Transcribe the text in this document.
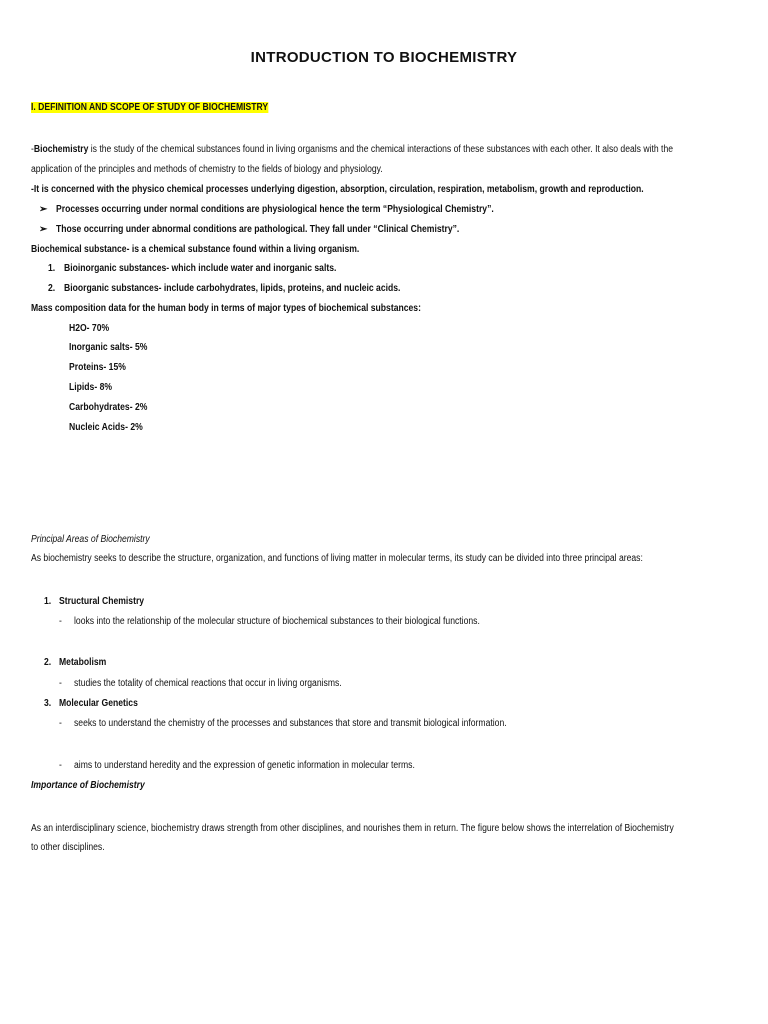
INTRODUCTION TO BIOCHEMISTRY
I. DEFINITION AND SCOPE OF STUDY OF BIOCHEMISTRY
-Biochemistry is the study of the chemical substances found in living organisms and the chemical interactions of these substances with each other. It also deals with the
application of the principles and methods of chemistry to the fields of biology and physiology.
-It is concerned with the physico chemical processes underlying digestion, absorption, circulation, respiration, metabolism, growth and reproduction.
➢ Processes occurring under normal conditions are physiological hence the term “Physiological Chemistry”.
➢ Those occurring under abnormal conditions are pathological. They fall under “Clinical Chemistry”.
Biochemical substance- is a chemical substance found within a living organism.
1. Bioinorganic substances- which include water and inorganic salts.
2. Bioorganic substances- include carbohydrates, lipids, proteins, and nucleic acids.
Mass composition data for the human body in terms of major types of biochemical substances:
H2O- 70%
Inorganic salts- 5%
Proteins- 15%
Lipids- 8%
Carbohydrates- 2%
Nucleic Acids- 2%
Principal Areas of Biochemistry
As biochemistry seeks to describe the structure, organization, and functions of living matter in molecular terms, its study can be divided into three principal areas:
1. Structural Chemistry
- looks into the relationship of the molecular structure of biochemical substances to their biological functions.
2. Metabolism
- studies the totality of chemical reactions that occur in living organisms.
3. Molecular Genetics
- seeks to understand the chemistry of the processes and substances that store and transmit biological information.
- aims to understand heredity and the expression of genetic information in molecular terms.
Importance of Biochemistry
As an interdisciplinary science, biochemistry draws strength from other disciplines, and nourishes them in return. The figure below shows the interrelation of Biochemistry
to other disciplines.
